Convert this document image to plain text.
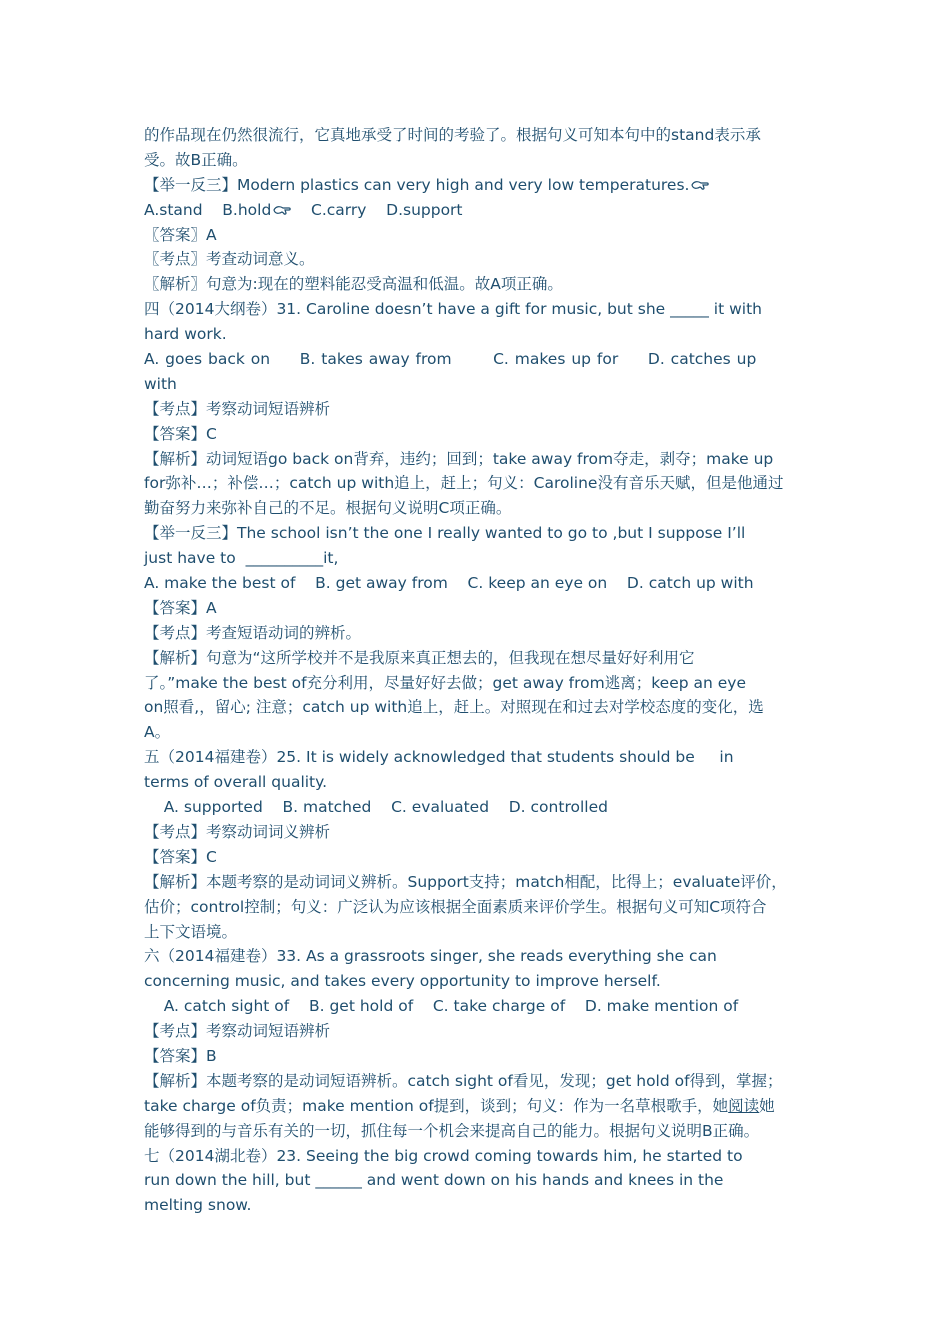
的作品现在仍然很流行，它真地承受了时间的考验了。根据句义可知本句中的stand表示承
受。故B正确。
【举一反三】Modern plastics can very high and very low temperatures.
A.stand    B.hold	C.carry    D.support
〖答案〗A
〖考点〗考查动词意义。
〖解析〗句意为:现在的塑料能忍受高温和低温。故A项正确。
四（2014大纲卷）31. Caroline doesn’t have a gift for music, but she _____ it with
hard work.
A. goes back on     B. takes away from       C. makes up for     D. catches up
with
【考点】考察动词短语辨析
【答案】C
【解析】动词短语go back on背弃，违约；回到；take away from夺走，剥夺；make up
for弥补…；补偿…；catch up with追上，赶上；句义：Caroline没有音乐天赋，但是他通过
勤奋努力来弥补自己的不足。根据句义说明C项正确。
【举一反三】The school isn’t the one I really wanted to go to ,but I suppose I’ll
just have to  __________it,
A. make the best of    B. get away from    C. keep an eye on    D. catch up with
【答案】A
【考点】考查短语动词的辨析。
【解析】句意为“这所学校并不是我原来真正想去的，但我现在想尽量好好利用它
了。”make the best of充分利用，尽量好好去做；get away from逃离；keep an eye
on照看,，留心; 注意；catch up with追上，赶上。对照现在和过去对学校态度的变化，选
A。
五（2014福建卷）25. It is widely acknowledged that students should be     in
terms of overall quality.
A. supported    B. matched    C. evaluated    D. controlled
【考点】考察动词词义辨析
【答案】C
【解析】本题考察的是动词词义辨析。Support支持；match相配，比得上；evaluate评价，
估价；control控制；句义：广泛认为应该根据全面素质来评价学生。根据句义可知C项符合
上下文语境。
六（2014福建卷）33. As a grassroots singer, she reads everything she can
concerning music, and takes every opportunity to improve herself.
A. catch sight of    B. get hold of    C. take charge of    D. make mention of
【考点】考察动词短语辨析
【答案】B
【解析】本题考察的是动词短语辨析。catch sight of看见，发现；get hold of得到，掌握；
take charge of负责；make mention of提到，谈到；句义：作为一名草根歌手，她阅读她
能够得到的与音乐有关的一切，抓住每一个机会来提高自己的能力。根据句义说明B正确。
七（2014湖北卷）23. Seeing the big crowd coming towards him, he started to
run down the hill, but ______ and went down on his hands and knees in the
melting snow.
